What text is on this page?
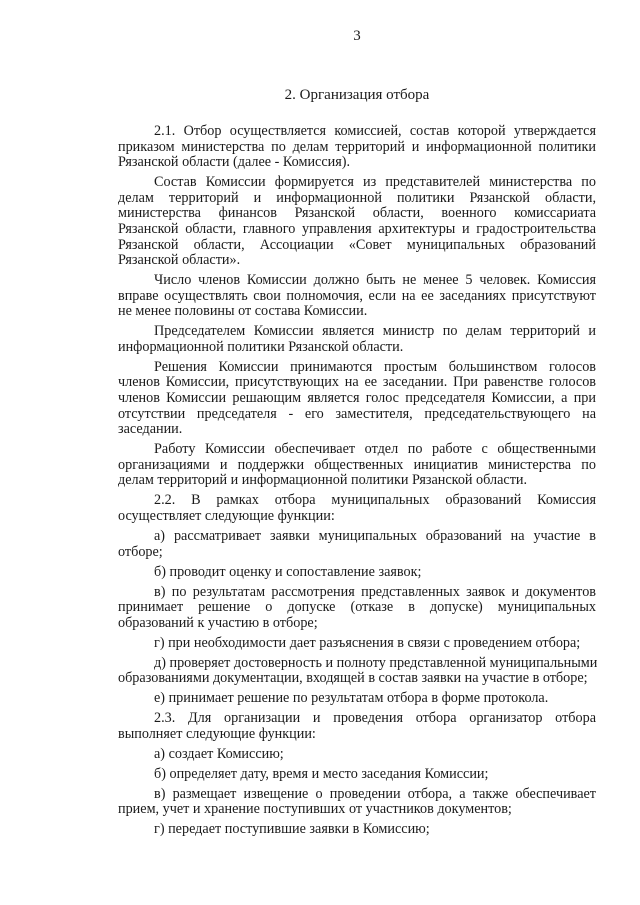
3
2. Организация отбора
2.1. Отбор осуществляется комиссией, состав которой утверждается
приказом министерства по делам территорий и информационной политики
Рязанской области (далее - Комиссия).
Состав Комиссии формируется из представителей министерства по
делам территорий и информационной политики Рязанской области,
министерства финансов Рязанской области, военного комиссариата
Рязанской области, главного управления архитектуры и градостроительства
Рязанской области, Ассоциации «Совет муниципальных образований
Рязанской области».
Число членов Комиссии должно быть не менее 5 человек. Комиссия
вправе осуществлять свои полномочия, если на ее заседаниях присутствуют
не менее половины от состава Комиссии.
Председателем Комиссии является министр по делам территорий и
информационной политики Рязанской области.
Решения Комиссии принимаются простым большинством голосов
членов Комиссии, присутствующих на ее заседании. При равенстве голосов
членов Комиссии решающим является голос председателя Комиссии, а при
отсутствии председателя - его заместителя, председательствующего на
заседании.
Работу Комиссии обеспечивает отдел по работе с общественными
организациями и поддержки общественных инициатив министерства по
делам территорий и информационной политики Рязанской области.
2.2. В рамках отбора муниципальных образований Комиссия
осуществляет следующие функции:
а) рассматривает заявки муниципальных образований на участие в
отборе;
б) проводит оценку и сопоставление заявок;
в) по результатам рассмотрения представленных заявок и документов
принимает решение о допуске (отказе в допуске) муниципальных
образований к участию в отборе;
г) при необходимости дает разъяснения в связи с проведением отбора;
д) проверяет достоверность и полноту представленной муниципальными
образованиями документации, входящей в состав заявки на участие в отборе;
е) принимает решение по результатам отбора в форме протокола.
2.3. Для организации и проведения отбора организатор отбора
выполняет следующие функции:
а) создает Комиссию;
б) определяет дату, время и место заседания Комиссии;
в) размещает извещение о проведении отбора, а также обеспечивает
прием, учет и хранение поступивших от участников документов;
г) передает поступившие заявки в Комиссию;
